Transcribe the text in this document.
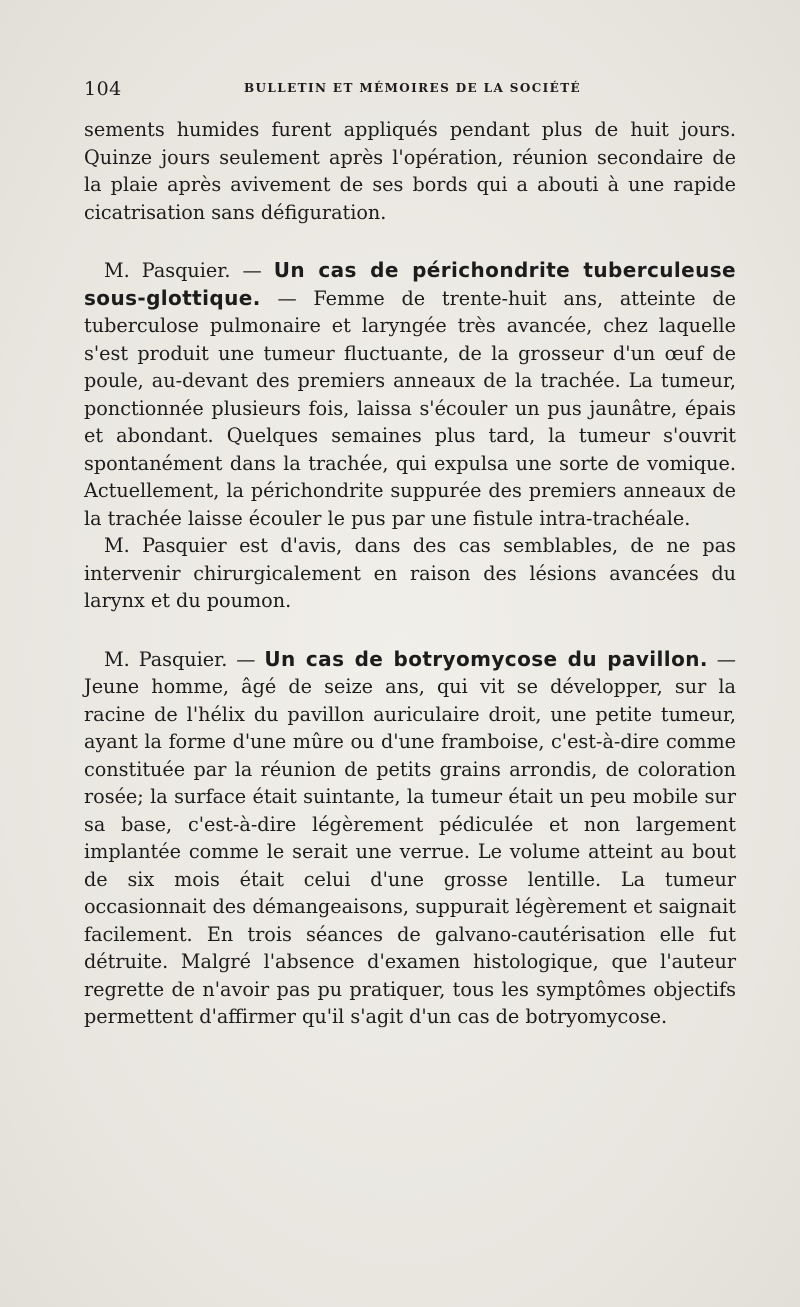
104	BULLETIN ET MÉMOIRES DE LA SOCIÉTÉ

sements humides furent appliqués pendant plus de huit jours. Quinze jours seulement après l'opération, réunion secondaire de la plaie après avivement de ses bords qui a abouti à une rapide cicatrisation sans défiguration.

M. Pasquier. — Un cas de périchondrite tuberculeuse sous-glottique. — Femme de trente-huit ans, atteinte de tuberculose pulmonaire et laryngée très avancée, chez laquelle s'est produit une tumeur fluctuante, de la grosseur d'un œuf de poule, au-devant des premiers anneaux de la trachée. La tumeur, ponctionnée plusieurs fois, laissa s'écouler un pus jaunâtre, épais et abondant. Quelques semaines plus tard, la tumeur s'ouvrit spontanément dans la trachée, qui expulsa une sorte de vomique. Actuellement, la périchondrite suppurée des premiers anneaux de la trachée laisse écouler le pus par une fistule intra-trachéale.

M. Pasquier est d'avis, dans des cas semblables, de ne pas intervenir chirurgicalement en raison des lésions avancées du larynx et du poumon.

M. Pasquier. — Un cas de botryomycose du pavillon. — Jeune homme, âgé de seize ans, qui vit se développer, sur la racine de l'hélix du pavillon auriculaire droit, une petite tumeur, ayant la forme d'une mûre ou d'une framboise, c'est-à-dire comme constituée par la réunion de petits grains arrondis, de coloration rosée; la surface était suintante, la tumeur était un peu mobile sur sa base, c'est-à-dire légèrement pédiculée et non largement implantée comme le serait une verrue. Le volume atteint au bout de six mois était celui d'une grosse lentille. La tumeur occasionnait des démangeaisons, suppurait légèrement et saignait facilement. En trois séances de galvano-cautérisation elle fut détruite. Malgré l'absence d'examen histologique, que l'auteur regrette de n'avoir pas pu pratiquer, tous les symptômes objectifs permettent d'affirmer qu'il s'agit d'un cas de botryomycose.
